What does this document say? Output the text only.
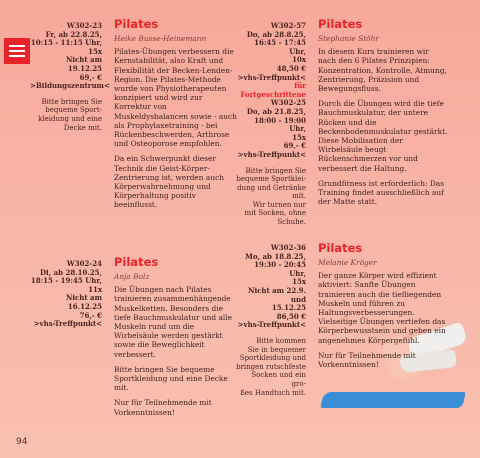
W302-23
Fr, ab 22.8.25,
10:15 - 11:15 Uhr,
15x
Nicht am 19.12.25
69,- €
>Bildungszentrum<
Bitte bringen Sie
bequeme Sport-
kleidung und eine
Decke mit.
Pilates
Heike Busse-Heinemann

Pilates-Übungen verbessern die Kernstabilität, also Kraft und Flexibilität der Becken-Lenden-Region. Die Pilates-Methode wurde von Physiotherapeuten konzipiert und wird zur Korrektur von Muskeldysbalancen sowie - auch als Prophylaxetraining - bei Rückenbeschwerden, Arthrose und Osteoporose empfohlen.

Da ein Schwerpunkt dieser Technik die Geist-Körper-Zentrierung ist, werden auch Körperwahrnehmung und Körperhaltung positiv beeinflusst.

W302-57
Do, ab 28.8.25,
16:45 - 17:45 Uhr,
10x
48,50 €
>vhs-Treffpunkt<
für Fortgeschrittene
W302-25
Do, ab 21.8.25,
18:00 - 19:00 Uhr,
15x
69,- €
>vhs-Treffpunkt<
Bitte bringen Sie
bequeme Sportklei-
dung und Getränke
mit.
Wir turnen nur
mit Socken, ohne
Schuhe.
Pilates
Stephanie Stöhr

In diesem Kurs trainieren wir nach den 6 Pilates Prinzipien: Konzentration, Kontrolle, Atmung, Zentrierung, Präzision und Bewegungsfluss.

Durch die Übungen wird die tiefe Bauchmuskulatur, der untere Rücken und die Beckenbodenmuskulatur gestärkt. Diese Mobilisation der Wirbelsäule beugt Rückenschmerzen vor und verbessert die Haltung.

Grundfitness ist erforderlich: Das Training findet ausschließlich auf der Matte statt.

W302-24
Di, ab 28.10.25,
18:15 - 19:45 Uhr,
11x
Nicht am 16.12.25
76,- €
>vhs-Treffpunkt<
Pilates
Anja Bolz

Die Übungen nach Pilates trainieren zusammenhängende Muskelketten. Besonders die tiefe Bauchmuskulatur und alle Muskeln rund um die Wirbelsäule werden gestärkt sowie die Beweglichkeit verbessert.

Bitte bringen Sie bequeme Sportkleidung und eine Decke mit.

Nur für Teilnehmende mit Vorkenntnissen!

W302-36
Mo, ab 18.8.25,
19:30 - 20:45 Uhr,
15x
Nicht am 22.9. und
15.12.25
86,50 €
>vhs-Treffpunkt<
Bitte kommen
Sie in bequemer
Sportkleidung und
bringen rutschfeste
Socken und ein gro-
ßes Handtuch mit.
Pilates
Melanie Kröger

Der ganze Körper wird effizient aktiviert: Sanfte Übungen trainieren auch die tiefliegenden Muskeln und führen zu Haltungsverbesserungen. Vielseitige Übungen vertiefen das Körperbewusstsein und geben ein angenehmes Körpergefühl.

Nur für Teilnehmende mit Vorkenntnissen!

94
